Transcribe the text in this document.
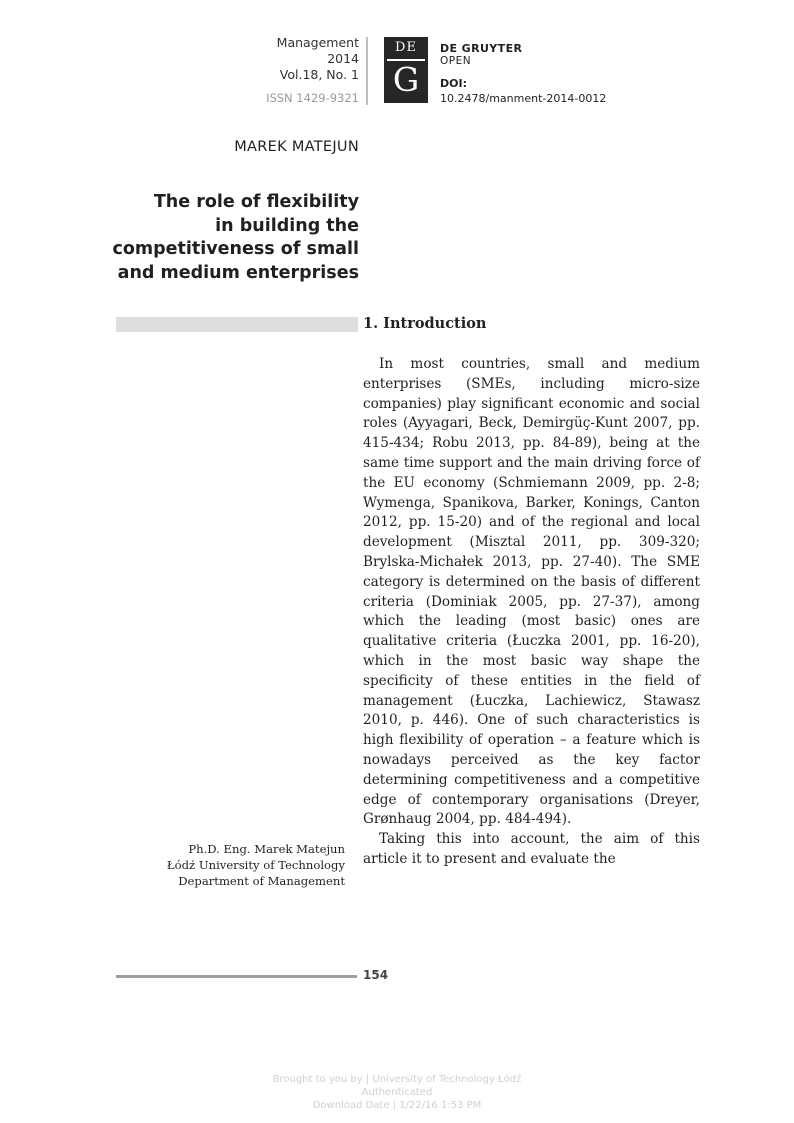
Management
2014
Vol.18, No. 1
ISSN 1429-9321
DE
G
DE GRUYTER
OPEN
DOI:
10.2478/manment-2014-0012
MAREK MATEJUN
The role of flexibility
in building the
competitiveness of small
and medium enterprises
1. Introduction

In most countries, small and medium enterprises (SMEs, including micro-size companies) play significant economic and social roles (Ayyagari, Beck, Demirgüç-Kunt 2007, pp. 415-434; Robu 2013, pp. 84-89), being at the same time support and the main driving force of the EU economy (Schmiemann 2009, pp. 2-8; Wymenga, Spanikova, Barker, Konings, Canton 2012, pp. 15-20) and of the regional and local development (Misztal 2011, pp. 309-320; Brylska-Michałek 2013, pp. 27-40). The SME category is determined on the basis of different criteria (Dominiak 2005, pp. 27-37), among which the leading (most basic) ones are qualitative criteria (Łuczka 2001, pp. 16-20), which in the most basic way shape the specificity of these entities in the field of management (Łuczka, Lachiewicz, Stawasz 2010, p. 446). One of such characteristics is high flexibility of operation – a feature which is nowadays perceived as the key factor determining competitiveness and a competitive edge of contemporary organisations (Dreyer, Grønhaug 2004, pp. 484-494).

Taking this into account, the aim of this article it to present and evaluate the

Ph.D. Eng. Marek Matejun
Łódź University of Technology
Department of Management
154
Brought to you by | University of Technology Łódź
Authenticated
Download Date | 1/22/16 1:53 PM
